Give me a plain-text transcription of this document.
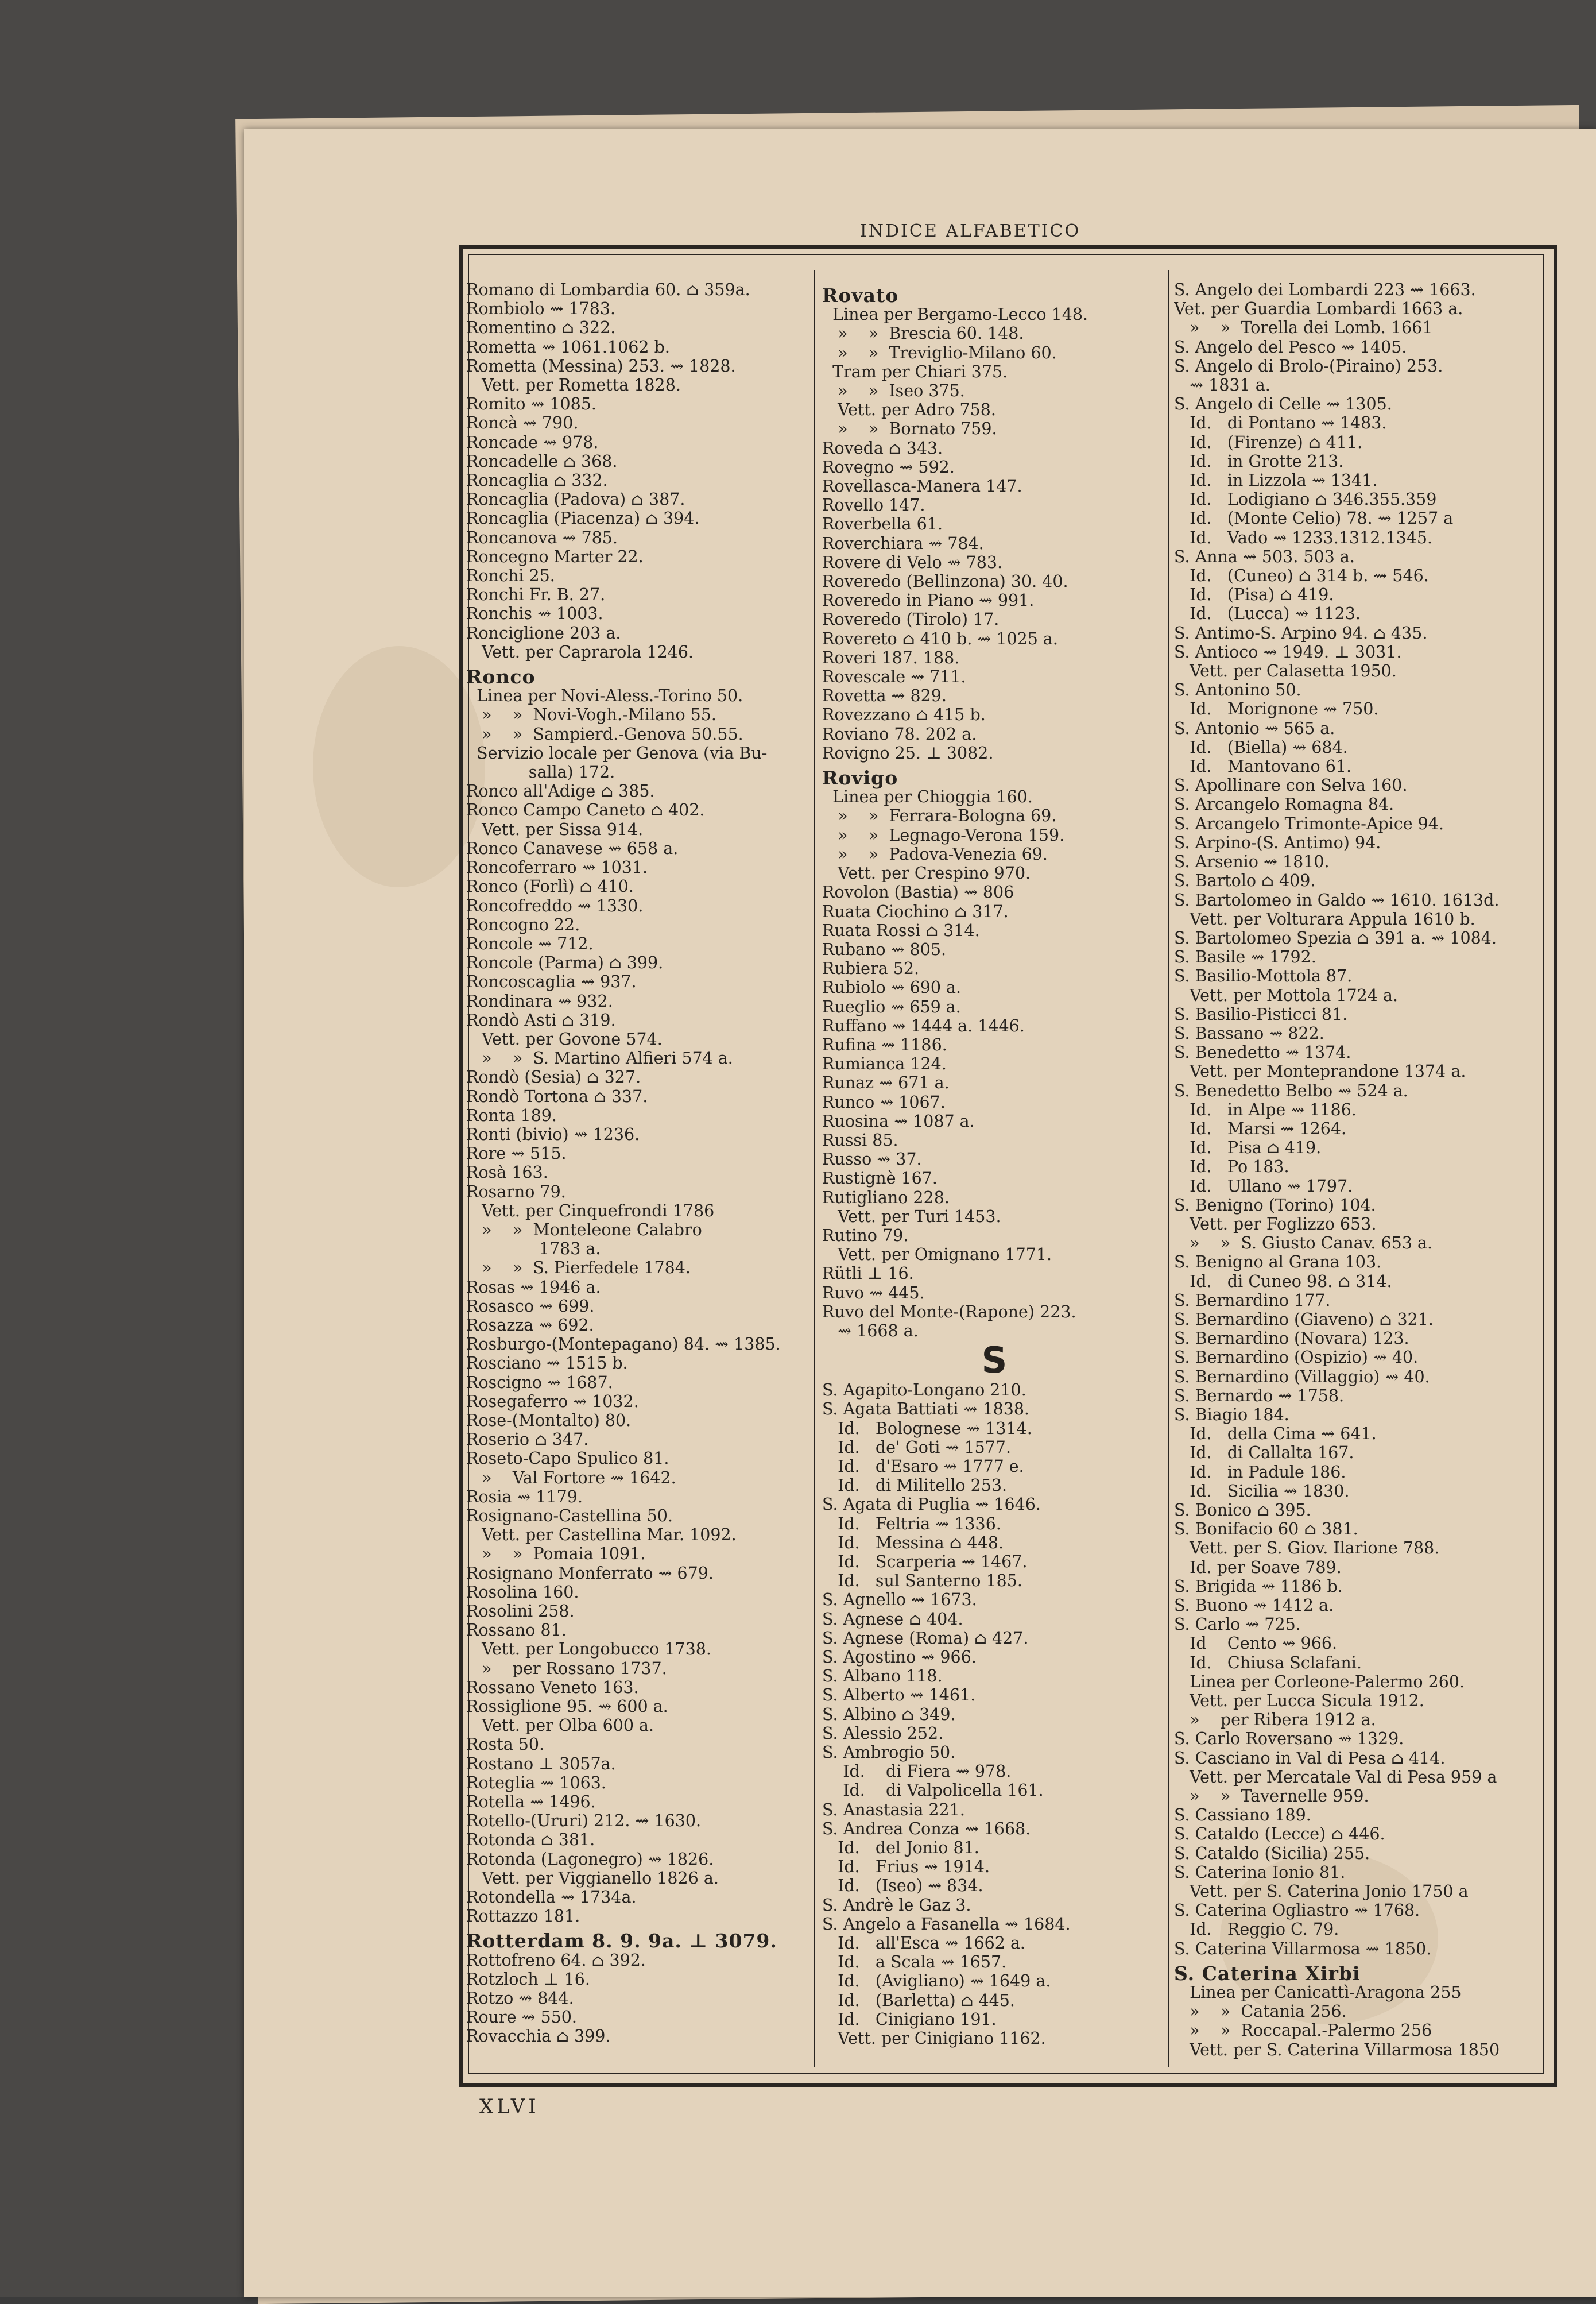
INDICE ALFABETICO
Romano di Lombardia 60. ⌂ 359a.
Rombiolo ⇝ 1783.
Romentino ⌂ 322.
Rometta ⇝ 1061.1062 b.
Rometta (Messina) 253. ⇝ 1828.
Vett. per Rometta 1828.
Romito ⇝ 1085.
Roncà ⇝ 790.
Roncade ⇝ 978.
Roncadelle ⌂ 368.
Roncaglia ⌂ 332.
Roncaglia (Padova) ⌂ 387.
Roncaglia (Piacenza) ⌂ 394.
Roncanova ⇝ 785.
Roncegno Marter 22.
Ronchi 25.
Ronchi Fr. B. 27.
Ronchis ⇝ 1003.
Ronciglione 203 a.
Vett. per Caprarola 1246.
Ronco
Linea per Novi-Aless.-Torino 50.
»    »  Novi-Vogh.-Milano 55.
»    »  Sampierd.-Genova 50.55.
Servizio locale per Genova (via Bu-
salla) 172.
Ronco all'Adige ⌂ 385.
Ronco Campo Caneto ⌂ 402.
Vett. per Sissa 914.
Ronco Canavese ⇝ 658 a.
Roncoferraro ⇝ 1031.
Ronco (Forlì) ⌂ 410.
Roncofreddo ⇝ 1330.
Roncogno 22.
Roncole ⇝ 712.
Roncole (Parma) ⌂ 399.
Roncoscaglia ⇝ 937.
Rondinara ⇝ 932.
Rondò Asti ⌂ 319.
Vett. per Govone 574.
»    »  S. Martino Alfieri 574 a.
Rondò (Sesia) ⌂ 327.
Rondò Tortona ⌂ 337.
Ronta 189.
Ronti (bivio) ⇝ 1236.
Rore ⇝ 515.
Rosà 163.
Rosarno 79.
Vett. per Cinquefrondi 1786
»    »  Monteleone Calabro
1783 a.
»    »  S. Pierfedele 1784.
Rosas ⇝ 1946 a.
Rosasco ⇝ 699.
Rosazza ⇝ 692.
Rosburgo-(Montepagano) 84. ⇝ 1385.
Rosciano ⇝ 1515 b.
Roscigno ⇝ 1687.
Rosegaferro ⇝ 1032.
Rose-(Montalto) 80.
Roserio ⌂ 347.
Roseto-Capo Spulico 81.
»    Val Fortore ⇝ 1642.
Rosia ⇝ 1179.
Rosignano-Castellina 50.
Vett. per Castellina Mar. 1092.
»    »  Pomaia 1091.
Rosignano Monferrato ⇝ 679.
Rosolina 160.
Rosolini 258.
Rossano 81.
Vett. per Longobucco 1738.
»    per Rossano 1737.
Rossano Veneto 163.
Rossiglione 95. ⇝ 600 a.
Vett. per Olba 600 a.
Rosta 50.
Rostano ⊥ 3057a.
Roteglia ⇝ 1063.
Rotella ⇝ 1496.
Rotello-(Ururi) 212. ⇝ 1630.
Rotonda ⌂ 381.
Rotonda (Lagonegro) ⇝ 1826.
Vett. per Viggianello 1826 a.
Rotondella ⇝ 1734a.
Rottazzo 181.
Rotterdam 8. 9. 9a. ⊥ 3079.
Rottofreno 64. ⌂ 392.
Rotzloch ⊥ 16.
Rotzo ⇝ 844.
Roure ⇝ 550.
Rovacchia ⌂ 399.
Rovato
Linea per Bergamo-Lecco 148.
»    »  Brescia 60. 148.
»    »  Treviglio-Milano 60.
Tram per Chiari 375.
»    »  Iseo 375.
Vett. per Adro 758.
»    »  Bornato 759.
Roveda ⌂ 343.
Rovegno ⇝ 592.
Rovellasca-Manera 147.
Rovello 147.
Roverbella 61.
Roverchiara ⇝ 784.
Rovere di Velo ⇝ 783.
Roveredo (Bellinzona) 30. 40.
Roveredo in Piano ⇝ 991.
Roveredo (Tirolo) 17.
Rovereto ⌂ 410 b. ⇝ 1025 a.
Roveri 187. 188.
Rovescale ⇝ 711.
Rovetta ⇝ 829.
Rovezzano ⌂ 415 b.
Roviano 78. 202 a.
Rovigno 25. ⊥ 3082.
Rovigo
Linea per Chioggia 160.
»    »  Ferrara-Bologna 69.
»    »  Legnago-Verona 159.
»    »  Padova-Venezia 69.
Vett. per Crespino 970.
Rovolon (Bastia) ⇝ 806
Ruata Ciochino ⌂ 317.
Ruata Rossi ⌂ 314.
Rubano ⇝ 805.
Rubiera 52.
Rubiolo ⇝ 690 a.
Rueglio ⇝ 659 a.
Ruffano ⇝ 1444 a. 1446.
Rufina ⇝ 1186.
Rumianca 124.
Runaz ⇝ 671 a.
Runco ⇝ 1067.
Ruosina ⇝ 1087 a.
Russi 85.
Russo ⇝ 37.
Rustignè 167.
Rutigliano 228.
Vett. per Turi 1453.
Rutino 79.
Vett. per Omignano 1771.
Rütli ⊥ 16.
Ruvo ⇝ 445.
Ruvo del Monte-(Rapone) 223.
⇝ 1668 a.
S
S. Agapito-Longano 210.
S. Agata Battiati ⇝ 1838.
Id.   Bolognese ⇝ 1314.
Id.   de' Goti ⇝ 1577.
Id.   d'Esaro ⇝ 1777 e.
Id.   di Militello 253.
S. Agata di Puglia ⇝ 1646.
Id.   Feltria ⇝ 1336.
Id.   Messina ⌂ 448.
Id.   Scarperia ⇝ 1467.
Id.   sul Santerno 185.
S. Agnello ⇝ 1673.
S. Agnese ⌂ 404.
S. Agnese (Roma) ⌂ 427.
S. Agostino ⇝ 966.
S. Albano 118.
S. Alberto ⇝ 1461.
S. Albino ⌂ 349.
S. Alessio 252.
S. Ambrogio 50.
Id.    di Fiera ⇝ 978.
Id.    di Valpolicella 161.
S. Anastasia 221.
S. Andrea Conza ⇝ 1668.
Id.   del Jonio 81.
Id.   Frius ⇝ 1914.
Id.   (Iseo) ⇝ 834.
S. Andrè le Gaz 3.
S. Angelo a Fasanella ⇝ 1684.
Id.   all'Esca ⇝ 1662 a.
Id.   a Scala ⇝ 1657.
Id.   (Avigliano) ⇝ 1649 a.
Id.   (Barletta) ⌂ 445.
Id.   Cinigiano 191.
Vett. per Cinigiano 1162.
S. Angelo dei Lombardi 223 ⇝ 1663.
Vet. per Guardia Lombardi 1663 a.
»    »  Torella dei Lomb. 1661
S. Angelo del Pesco ⇝ 1405.
S. Angelo di Brolo-(Piraino) 253.
⇝ 1831 a.
S. Angelo di Celle ⇝ 1305.
Id.   di Pontano ⇝ 1483.
Id.   (Firenze) ⌂ 411.
Id.   in Grotte 213.
Id.   in Lizzola ⇝ 1341.
Id.   Lodigiano ⌂ 346.355.359
Id.   (Monte Celio) 78. ⇝ 1257 a
Id.   Vado ⇝ 1233.1312.1345.
S. Anna ⇝ 503. 503 a.
Id.   (Cuneo) ⌂ 314 b. ⇝ 546.
Id.   (Pisa) ⌂ 419.
Id.   (Lucca) ⇝ 1123.
S. Antimo-S. Arpino 94. ⌂ 435.
S. Antioco ⇝ 1949. ⊥ 3031.
Vett. per Calasetta 1950.
S. Antonino 50.
Id.   Morignone ⇝ 750.
S. Antonio ⇝ 565 a.
Id.   (Biella) ⇝ 684.
Id.   Mantovano 61.
S. Apollinare con Selva 160.
S. Arcangelo Romagna 84.
S. Arcangelo Trimonte-Apice 94.
S. Arpino-(S. Antimo) 94.
S. Arsenio ⇝ 1810.
S. Bartolo ⌂ 409.
S. Bartolomeo in Galdo ⇝ 1610. 1613d.
Vett. per Volturara Appula 1610 b.
S. Bartolomeo Spezia ⌂ 391 a. ⇝ 1084.
S. Basile ⇝ 1792.
S. Basilio-Mottola 87.
Vett. per Mottola 1724 a.
S. Basilio-Pisticci 81.
S. Bassano ⇝ 822.
S. Benedetto ⇝ 1374.
Vett. per Monteprandone 1374 a.
S. Benedetto Belbo ⇝ 524 a.
Id.   in Alpe ⇝ 1186.
Id.   Marsi ⇝ 1264.
Id.   Pisa ⌂ 419.
Id.   Po 183.
Id.   Ullano ⇝ 1797.
S. Benigno (Torino) 104.
Vett. per Foglizzo 653.
»    »  S. Giusto Canav. 653 a.
S. Benigno al Grana 103.
Id.   di Cuneo 98. ⌂ 314.
S. Bernardino 177.
S. Bernardino (Giaveno) ⌂ 321.
S. Bernardino (Novara) 123.
S. Bernardino (Ospizio) ⇝ 40.
S. Bernardino (Villaggio) ⇝ 40.
S. Bernardo ⇝ 1758.
S. Biagio 184.
Id.   della Cima ⇝ 641.
Id.   di Callalta 167.
Id.   in Padule 186.
Id.   Sicilia ⇝ 1830.
S. Bonico ⌂ 395.
S. Bonifacio 60 ⌂ 381.
Vett. per S. Giov. Ilarione 788.
Id. per Soave 789.
S. Brigida ⇝ 1186 b.
S. Buono ⇝ 1412 a.
S. Carlo ⇝ 725.
Id    Cento ⇝ 966.
Id.   Chiusa Sclafani.
Linea per Corleone-Palermo 260.
Vett. per Lucca Sicula 1912.
»    per Ribera 1912 a.
S. Carlo Roversano ⇝ 1329.
S. Casciano in Val di Pesa ⌂ 414.
Vett. per Mercatale Val di Pesa 959 a
»    »  Tavernelle 959.
S. Cassiano 189.
S. Cataldo (Lecce) ⌂ 446.
S. Cataldo (Sicilia) 255.
S. Caterina Ionio 81.
Vett. per S. Caterina Jonio 1750 a
S. Caterina Ogliastro ⇝ 1768.
Id.   Reggio C. 79.
S. Caterina Villarmosa ⇝ 1850.
S. Caterina Xirbi
Linea per Canicattì-Aragona 255
»    »  Catania 256.
»    »  Roccapal.-Palermo 256
Vett. per S. Caterina Villarmosa 1850
XLVI
